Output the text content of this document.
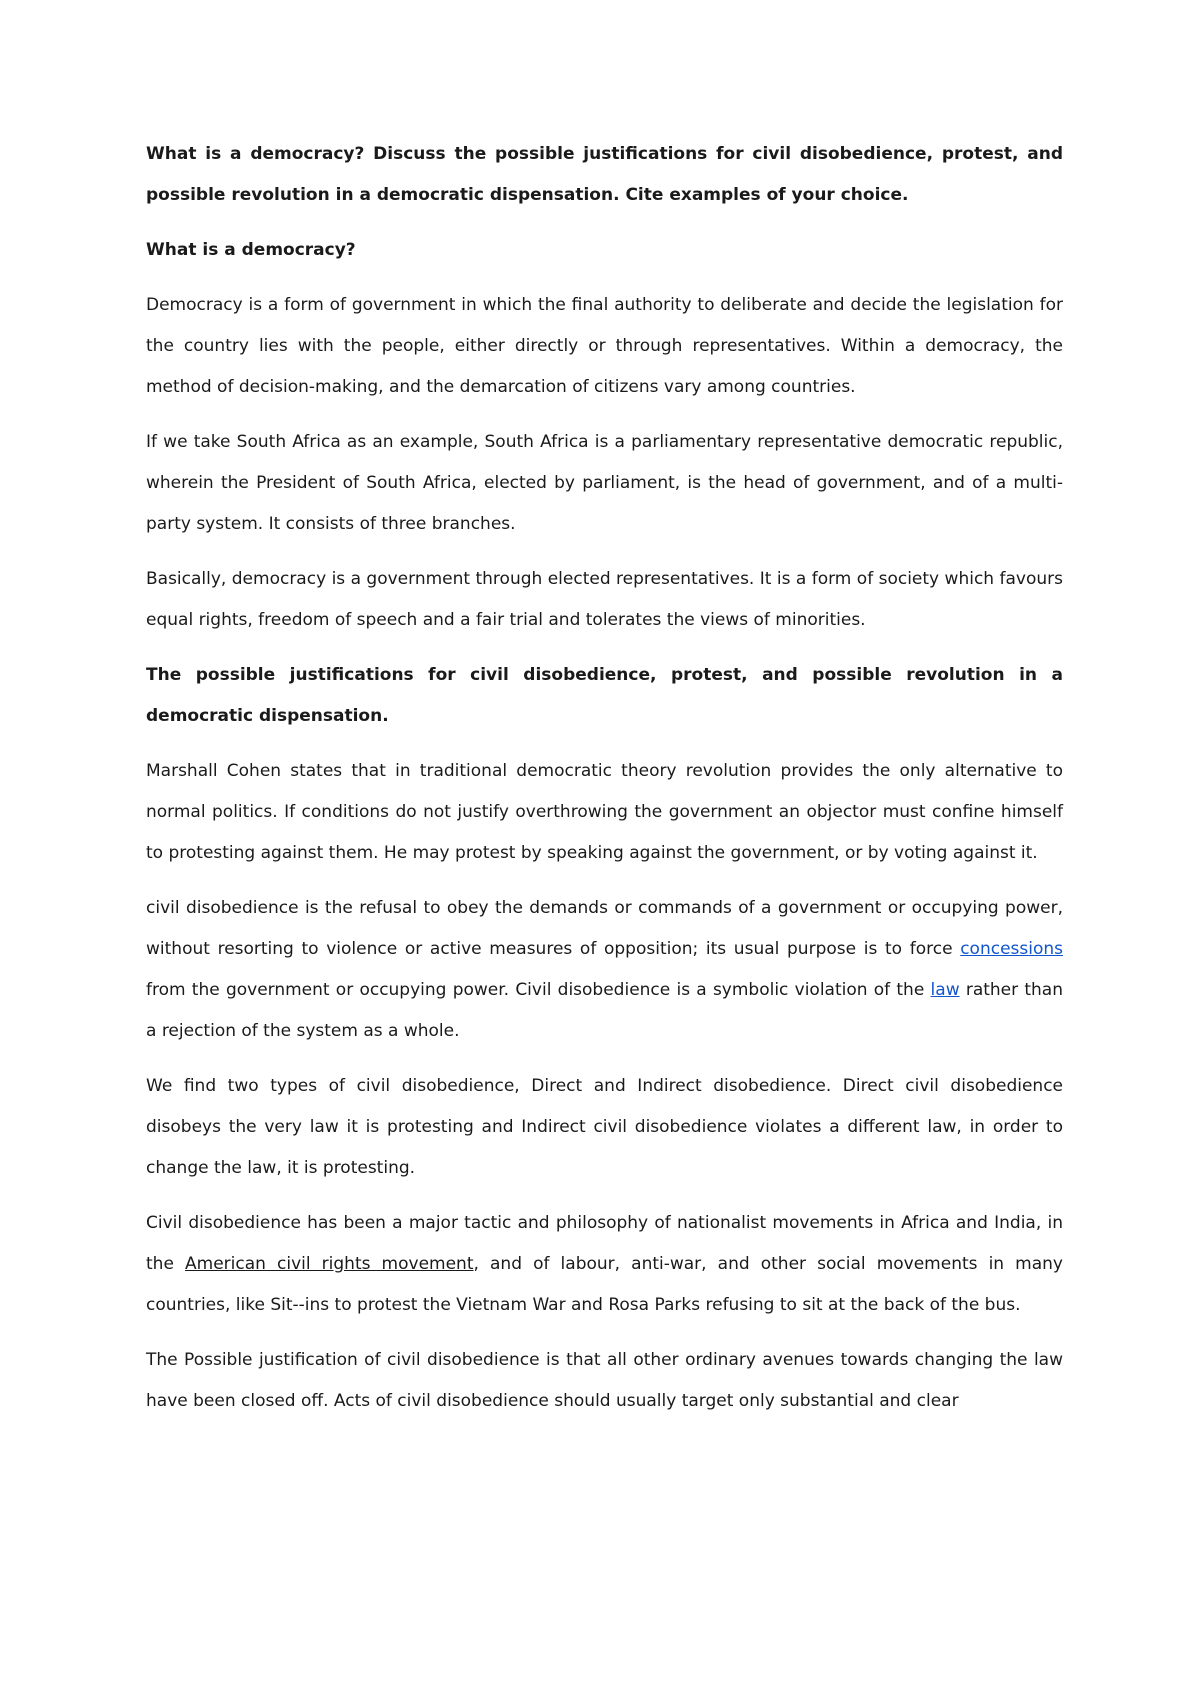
What is a democracy? Discuss the possible justifications for civil disobedience, protest, and possible revolution in a democratic dispensation. Cite examples of your choice.

What is a democracy?

Democracy is a form of government in which the final authority to deliberate and decide the legislation for the country lies with the people, either directly or through representatives. Within a democracy, the method of decision-making, and the demarcation of citizens vary among countries.

If we take South Africa as an example, South Africa is a parliamentary representative democratic republic, wherein the President of South Africa, elected by parliament, is the head of government, and of a multi-party system. It consists of three branches.

Basically, democracy is a government through elected representatives. It is a form of society which favours equal rights, freedom of speech and a fair trial and tolerates the views of minorities.

The possible justifications for civil disobedience, protest, and possible revolution in a democratic dispensation.

Marshall Cohen states that in traditional democratic theory revolution provides the only alternative to normal politics. If conditions do not justify overthrowing the government an objector must confine himself to protesting against them. He may protest by speaking against the government, or by voting against it.

civil disobedience is the refusal to obey the demands or commands of a government or occupying power, without resorting to violence or active measures of opposition; its usual purpose is to force concessions from the government or occupying power. Civil disobedience is a symbolic violation of the law rather than a rejection of the system as a whole.

We find two types of civil disobedience, Direct and Indirect disobedience. Direct civil disobedience disobeys the very law it is protesting and Indirect civil disobedience violates a different law, in order to change the law, it is protesting.

Civil disobedience has been a major tactic and philosophy of nationalist movements in Africa and India, in the American civil rights movement, and of labour, anti-war, and other social movements in many countries, like Sit--ins to protest the Vietnam War and Rosa Parks refusing to sit at the back of the bus.

The Possible justification of civil disobedience is that all other ordinary avenues towards changing the law have been closed off. Acts of civil disobedience should usually target only substantial and clear
